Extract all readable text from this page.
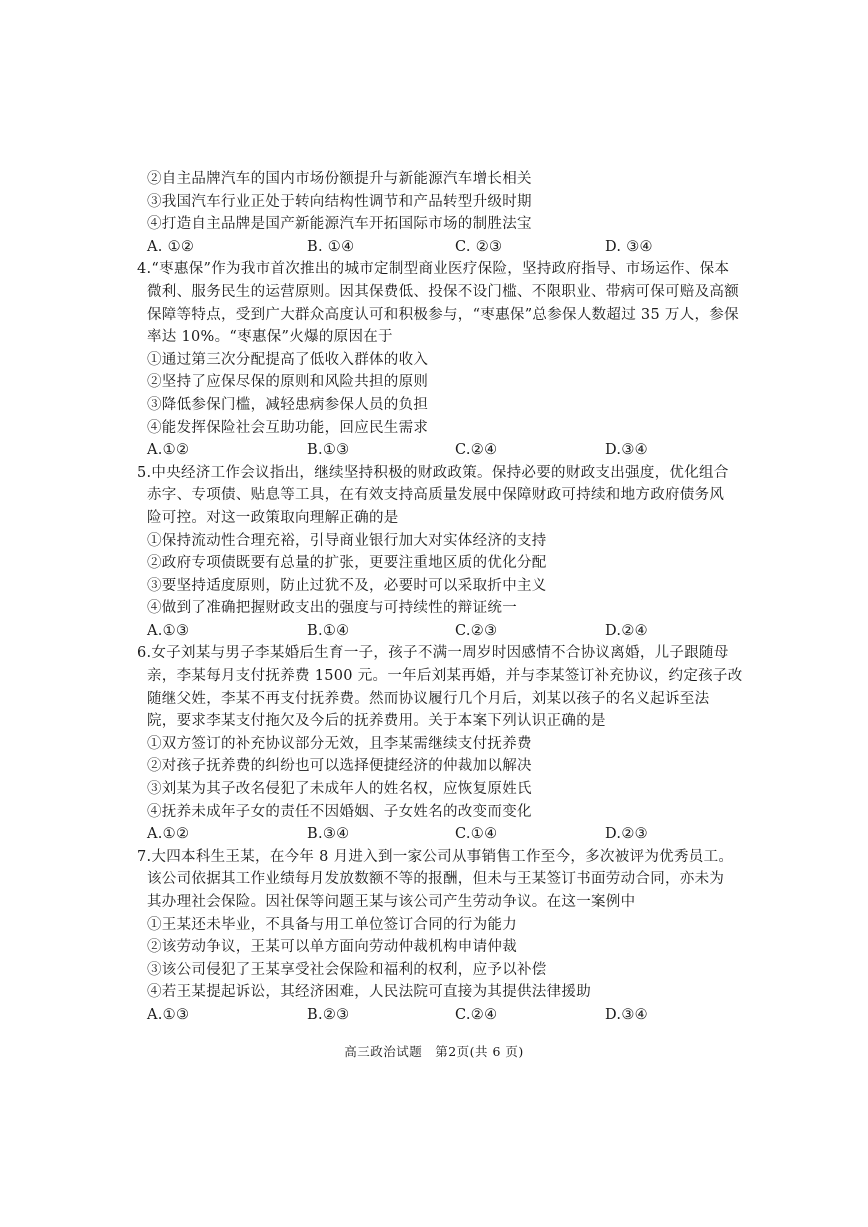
②自主品牌汽车的国内市场份额提升与新能源汽车增长相关
③我国汽车行业正处于转向结构性调节和产品转型升级时期
④打造自主品牌是国产新能源汽车开拓国际市场的制胜法宝
A. ①②	B. ①④	C. ②③	D. ③④
4.“枣惠保”作为我市首次推出的城市定制型商业医疗保险，坚持政府指导、市场运作、保本
微利、服务民生的运营原则。因其保费低、投保不设门槛、不限职业、带病可保可赔及高额
保障等特点，受到广大群众高度认可和积极参与，“枣惠保”总参保人数超过 35 万人，参保
率达 10%。“枣惠保”火爆的原因在于
①通过第三次分配提高了低收入群体的收入
②坚持了应保尽保的原则和风险共担的原则
③降低参保门槛，减轻患病参保人员的负担
④能发挥保险社会互助功能，回应民生需求
A.①②	B.①③	C.②④	D.③④
5.中央经济工作会议指出，继续坚持积极的财政政策。保持必要的财政支出强度，优化组合
赤字、专项债、贴息等工具，在有效支持高质量发展中保障财政可持续和地方政府债务风
险可控。对这一政策取向理解正确的是
①保持流动性合理充裕，引导商业银行加大对实体经济的支持
②政府专项债既要有总量的扩张，更要注重地区质的优化分配
③要坚持适度原则，防止过犹不及，必要时可以采取折中主义
④做到了准确把握财政支出的强度与可持续性的辩证统一
A.①③	B.①④	C.②③	D.②④
6.女子刘某与男子李某婚后生育一子，孩子不满一周岁时因感情不合协议离婚，儿子跟随母
亲，李某每月支付抚养费 1500 元。一年后刘某再婚，并与李某签订补充协议，约定孩子改
随继父姓，李某不再支付抚养费。然而协议履行几个月后，刘某以孩子的名义起诉至法
院，要求李某支付拖欠及今后的抚养费用。关于本案下列认识正确的是
①双方签订的补充协议部分无效，且李某需继续支付抚养费
②对孩子抚养费的纠纷也可以选择便捷经济的仲裁加以解决
③刘某为其子改名侵犯了未成年人的姓名权，应恢复原姓氏
④抚养未成年子女的责任不因婚姻、子女姓名的改变而变化
A.①②	B.③④	C.①④	D.②③
7.大四本科生王某，在今年 8 月进入到一家公司从事销售工作至今，多次被评为优秀员工。
该公司依据其工作业绩每月发放数额不等的报酬，但未与王某签订书面劳动合同，亦未为
其办理社会保险。因社保等问题王某与该公司产生劳动争议。在这一案例中
①王某还未毕业，不具备与用工单位签订合同的行为能力
②该劳动争议，王某可以单方面向劳动仲裁机构申请仲裁
③该公司侵犯了王某享受社会保险和福利的权利，应予以补偿
④若王某提起诉讼，其经济困难，人民法院可直接为其提供法律援助
A.①③	B.②③	C.②④	D.③④
高三政治试题　第2页(共 6 页)
